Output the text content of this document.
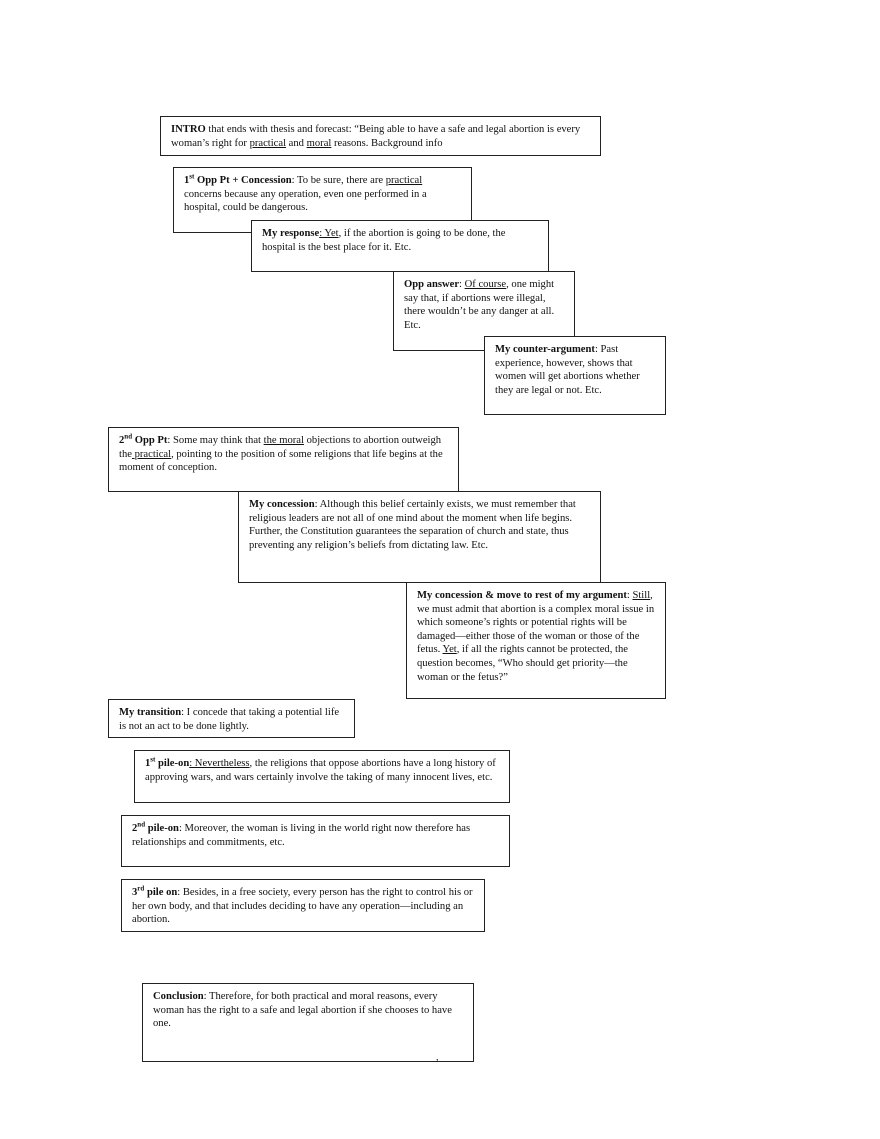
INTRO that ends with thesis and forecast: “Being able to have a safe and legal abortion is every woman’s right for practical and moral reasons. Background info
1st Opp Pt + Concession: To be sure, there are practical concerns because any operation, even one performed in a hospital, could be dangerous.
My response: Yet, if the abortion is going to be done, the hospital is the best place for it. Etc.
Opp answer: Of course, one might say that, if abortions were illegal, there wouldn’t be any danger at all. Etc.
My counter-argument: Past experience, however, shows that women will get abortions whether they are legal or not. Etc.
2nd Opp Pt: Some may think that the moral objections to abortion outweigh the practical, pointing to the position of some religions that life begins at the moment of conception.
My concession: Although this belief certainly exists, we must remember that religious leaders are not all of one mind about the moment when life begins. Further, the Constitution guarantees the separation of church and state, thus preventing any religion’s beliefs from dictating law. Etc.
My concession & move to rest of my argument: Still, we must admit that abortion is a complex moral issue in which someone’s rights or potential rights will be damaged—either those of the woman or those of the fetus. Yet, if all the rights cannot be protected, the question becomes, “Who should get priority—the woman or the fetus?”
My transition: I concede that taking a potential life is not an act to be done lightly.
1st pile-on: Nevertheless, the religions that oppose abortions have a long history of approving wars, and wars certainly involve the taking of many innocent lives, etc.
2nd pile-on: Moreover, the woman is living in the world right now therefore has relationships and commitments, etc.
3rd pile on: Besides, in a free society, every person has the right to control his or her own body, and that includes deciding to have any operation—including an abortion.
Conclusion: Therefore, for both practical and moral reasons, every woman has the right to a safe and legal abortion if she chooses to have one.
,
